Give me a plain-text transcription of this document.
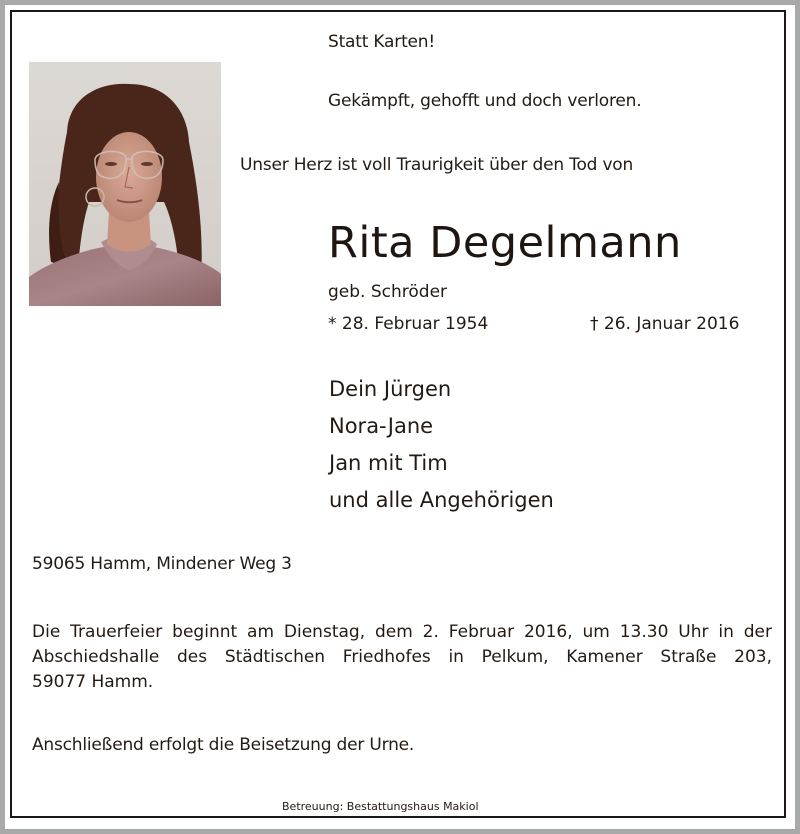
Statt Karten!
Gekämpft, gehofft und doch verloren.
Unser Herz ist voll Traurigkeit über den Tod von
Rita Degelmann
geb. Schröder
* 28. Februar 1954	† 26. Januar 2016
Dein Jürgen
Nora-Jane
Jan mit Tim
und alle Angehörigen
59065 Hamm, Mindener Weg 3
Die Trauerfeier beginnt am Dienstag, dem 2. Februar 2016, um 13.30 Uhr in der
Abschiedshalle des Städtischen Friedhofes in Pelkum, Kamener Straße 203,
59077 Hamm.
Anschließend erfolgt die Beisetzung der Urne.
Betreuung: Bestattungshaus Makiol
